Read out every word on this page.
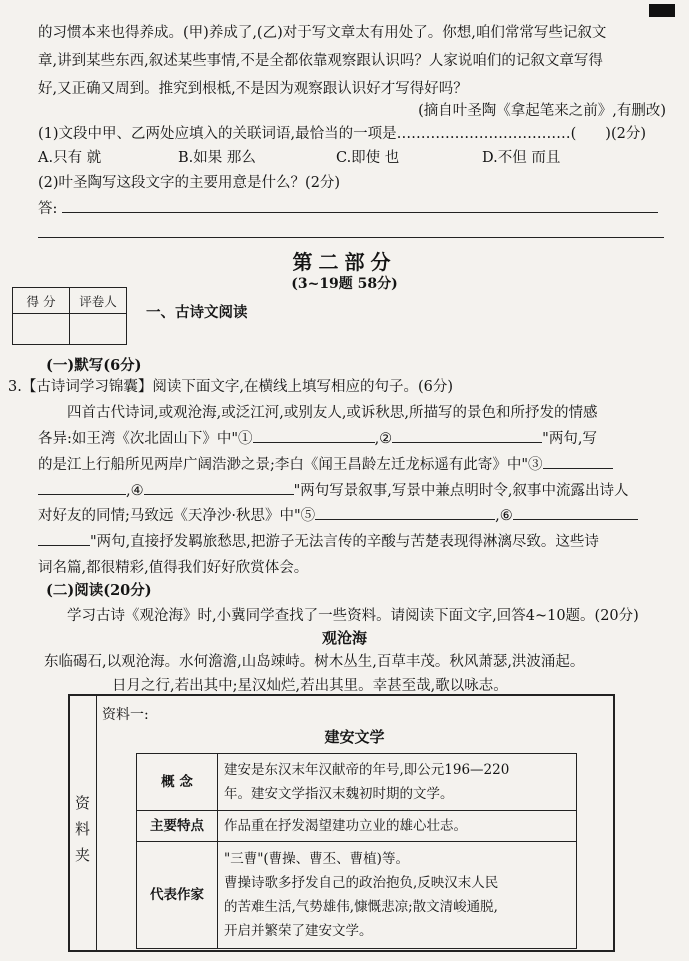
的习惯本来也得养成。(甲)养成了,(乙)对于写文章太有用处了。你想,咱们常常写些记叙文
章,讲到某些东西,叙述某些事情,不是全都依靠观察跟认识吗？人家说咱们的记叙文章写得
好,又正确又周到。推究到根柢,不是因为观察跟认识好才写得好吗？
(摘自叶圣陶《拿起笔来之前》,有删改)
(1)文段中甲、乙两处应填入的关联词语,最恰当的一项是………………………………(　　)(2分)
A.只有 就	B.如果 那么	C.即使 也	D.不但 而且
(2)叶圣陶写这段文字的主要用意是什么？(2分)
答:
第二部分
(3~19题 58分)
得 分	评卷人

一、古诗文阅读
(一)默写(6分)
3.【古诗词学习锦囊】阅读下面文字,在横线上填写相应的句子。(6分)
四首古代诗词,或观沧海,或泛江河,或别友人,或诉秋思,所描写的景色和所抒发的情感
各异:如王湾《次北固山下》中"①	,②	"两句,写
的是江上行船所见两岸广阔浩渺之景;李白《闻王昌龄左迁龙标遥有此寄》中"③
,④	"两句写景叙事,写景中兼点明时令,叙事中流露出诗人
对好友的同情;马致远《天净沙·秋思》中"⑤	,⑥
"两句,直接抒发羁旅愁思,把游子无法言传的辛酸与苦楚表现得淋漓尽致。这些诗
词名篇,都很精彩,值得我们好好欣赏体会。
(二)阅读(20分)
学习古诗《观沧海》时,小冀同学查找了一些资料。请阅读下面文字,回答4~10题。(20分)
观沧海
东临碣石,以观沧海。水何澹澹,山岛竦峙。树木丛生,百草丰茂。秋风萧瑟,洪波涌起。
日月之行,若出其中;星汉灿烂,若出其里。幸甚至哉,歌以咏志。
资
料
夹
资料一:
建安文学
概 念	建安是东汉末年汉献帝的年号,即公元196—220
年。建安文学指汉末魏初时期的文学。

主要特点	作品重在抒发渴望建功立业的雄心壮志。

代表作家	"三曹"(曹操、曹丕、曹植)等。
曹操诗歌多抒发自己的政治抱负,反映汉末人民
的苦难生活,气势雄伟,慷慨悲凉;散文清峻通脱,
开启并繁荣了建安文学。
